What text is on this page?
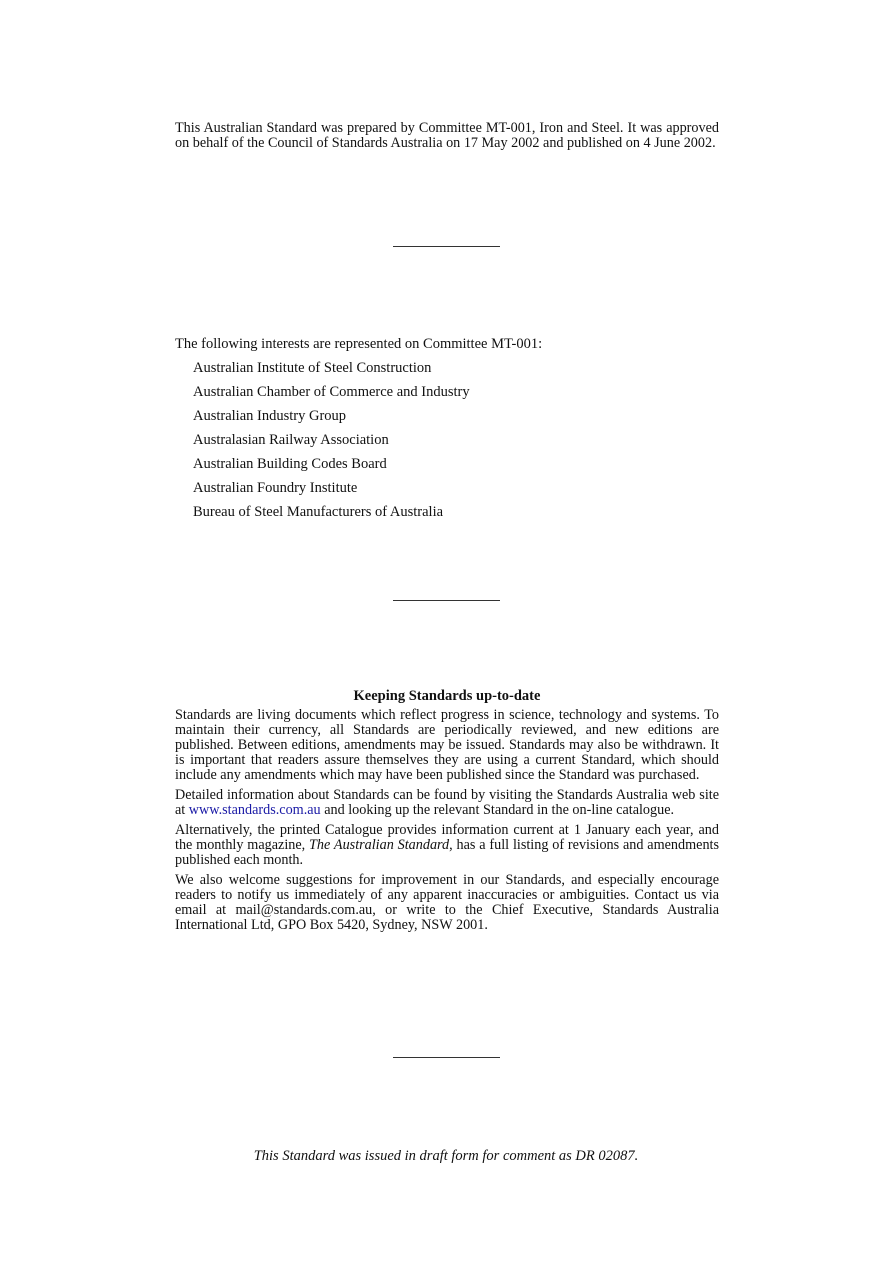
This Australian Standard was prepared by Committee MT-001, Iron and Steel. It was approved on behalf of the Council of Standards Australia on 17 May 2002 and published on 4 June 2002.

The following interests are represented on Committee MT-001:

Australian Institute of Steel Construction
Australian Chamber of Commerce and Industry
Australian Industry Group
Australasian Railway Association
Australian Building Codes Board
Australian Foundry Institute
Bureau of Steel Manufacturers of Australia

Keeping Standards up-to-date

Standards are living documents which reflect progress in science, technology and systems. To maintain their currency, all Standards are periodically reviewed, and new editions are published. Between editions, amendments may be issued. Standards may also be withdrawn. It is important that readers assure themselves they are using a current Standard, which should include any amendments which may have been published since the Standard was purchased.

Detailed information about Standards can be found by visiting the Standards Australia web site at www.standards.com.au and looking up the relevant Standard in the on-line catalogue.

Alternatively, the printed Catalogue provides information current at 1 January each year, and the monthly magazine, The Australian Standard, has a full listing of revisions and amendments published each month.

We also welcome suggestions for improvement in our Standards, and especially encourage readers to notify us immediately of any apparent inaccuracies or ambiguities. Contact us via email at mail@standards.com.au, or write to the Chief Executive, Standards Australia International Ltd, GPO Box 5420, Sydney, NSW 2001.

This Standard was issued in draft form for comment as DR 02087.
